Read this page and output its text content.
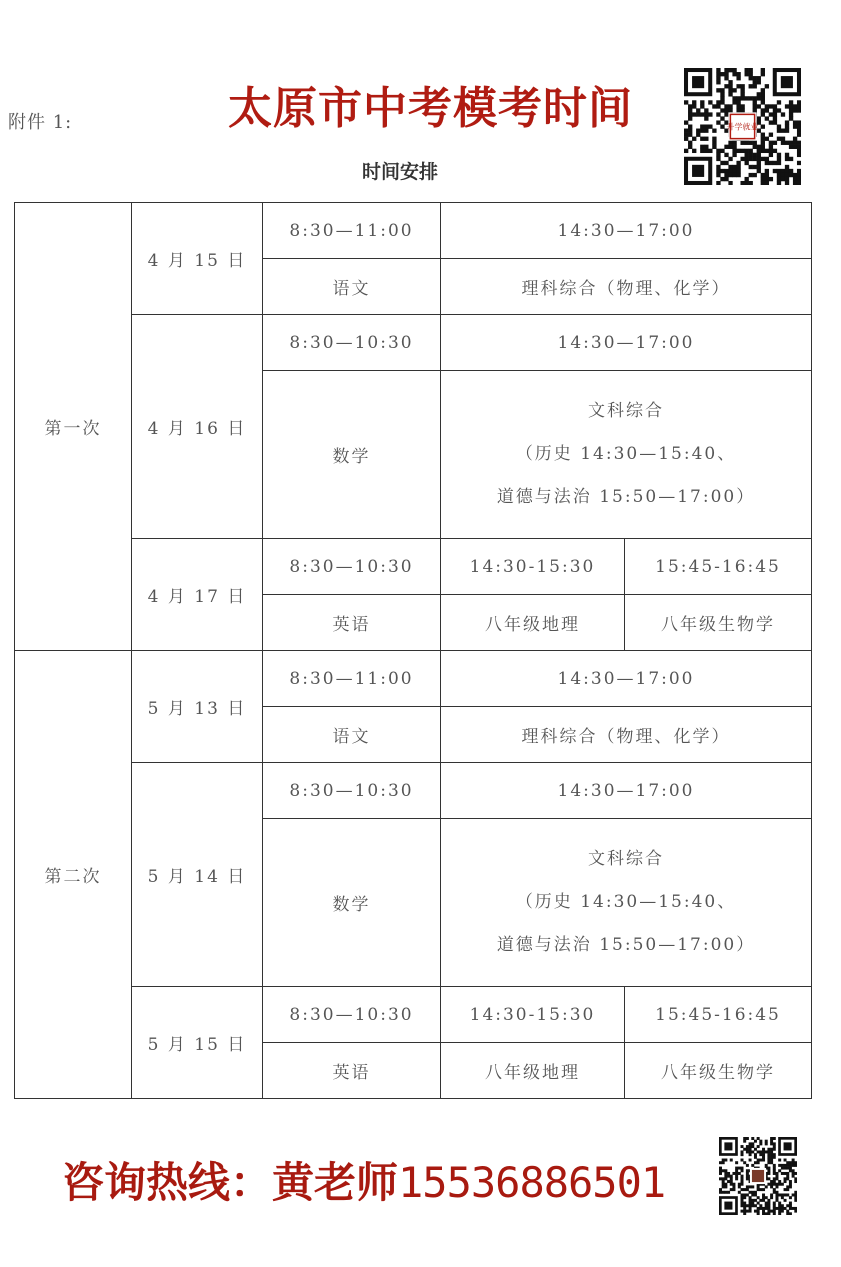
附件 1:	太原市中考模考时间
时间安排
升学就业
第一次	4 月 15 日	8:30—11:00	14:30—17:00	
		语文	理科综合（物理、化学）	
	4 月 16 日	8:30—10:30	14:30—17:00	
		数学	文科综合
（历史 14:30—15:40、
道德与法治 15:50—17:00）	

	4 月 17 日	8:30—10:30	14:30-15:30	15:45-16:45
		英语	八年级地理	八年级生物学
第二次	5 月 13 日	8:30—11:00	14:30—17:00	
		语文	理科综合（物理、化学）	
	5 月 14 日	8:30—10:30	14:30—17:00	
		数学	文科综合
（历史 14:30—15:40、
道德与法治 15:50—17:00）	

	5 月 15 日	8:30—10:30	14:30-15:30	15:45-16:45
		英语	八年级地理	八年级生物学
咨询热线：黄老师15536886501
